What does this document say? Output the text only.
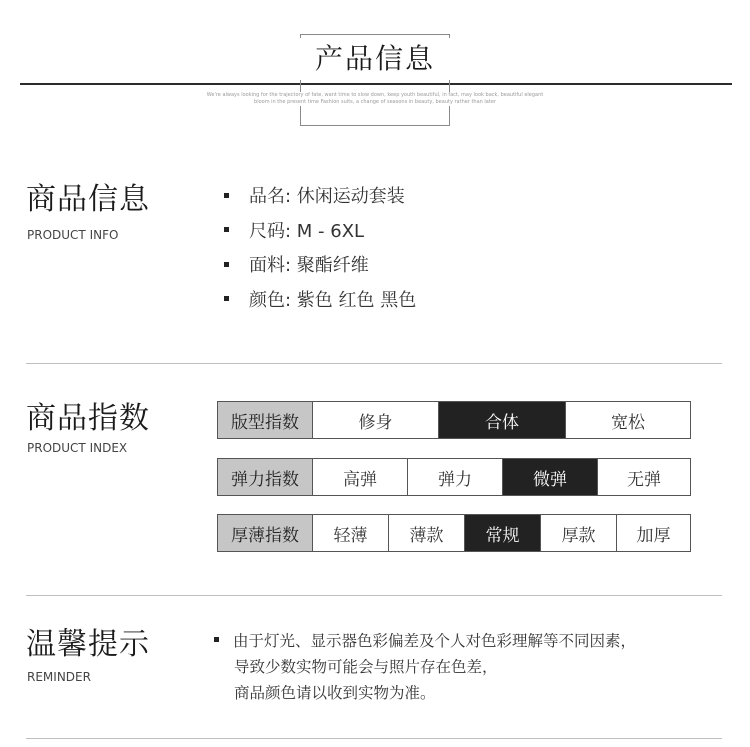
产品信息
We're always looking for the trajectory of fate, want time to slow down, keep youth beautiful, in fact, may look back, beautiful elegant
bloom in the present time Fashion suits, a change of seasons in beauty, beauty rather than later
商品信息
PRODUCT INFO
品名: 休闲运动套装
尺码: M - 6XL
面料: 聚酯纤维
颜色: 紫色 红色 黑色
商品指数
PRODUCT INDEX
版型指数	修身	合体	宽松
弹力指数	高弹	弹力	微弹	无弹
厚薄指数	轻薄	薄款	常规	厚款	加厚
温馨提示
REMINDER
由于灯光、显示器色彩偏差及个人对色彩理解等不同因素，
导致少数实物可能会与照片存在色差，
商品颜色请以收到实物为准。
